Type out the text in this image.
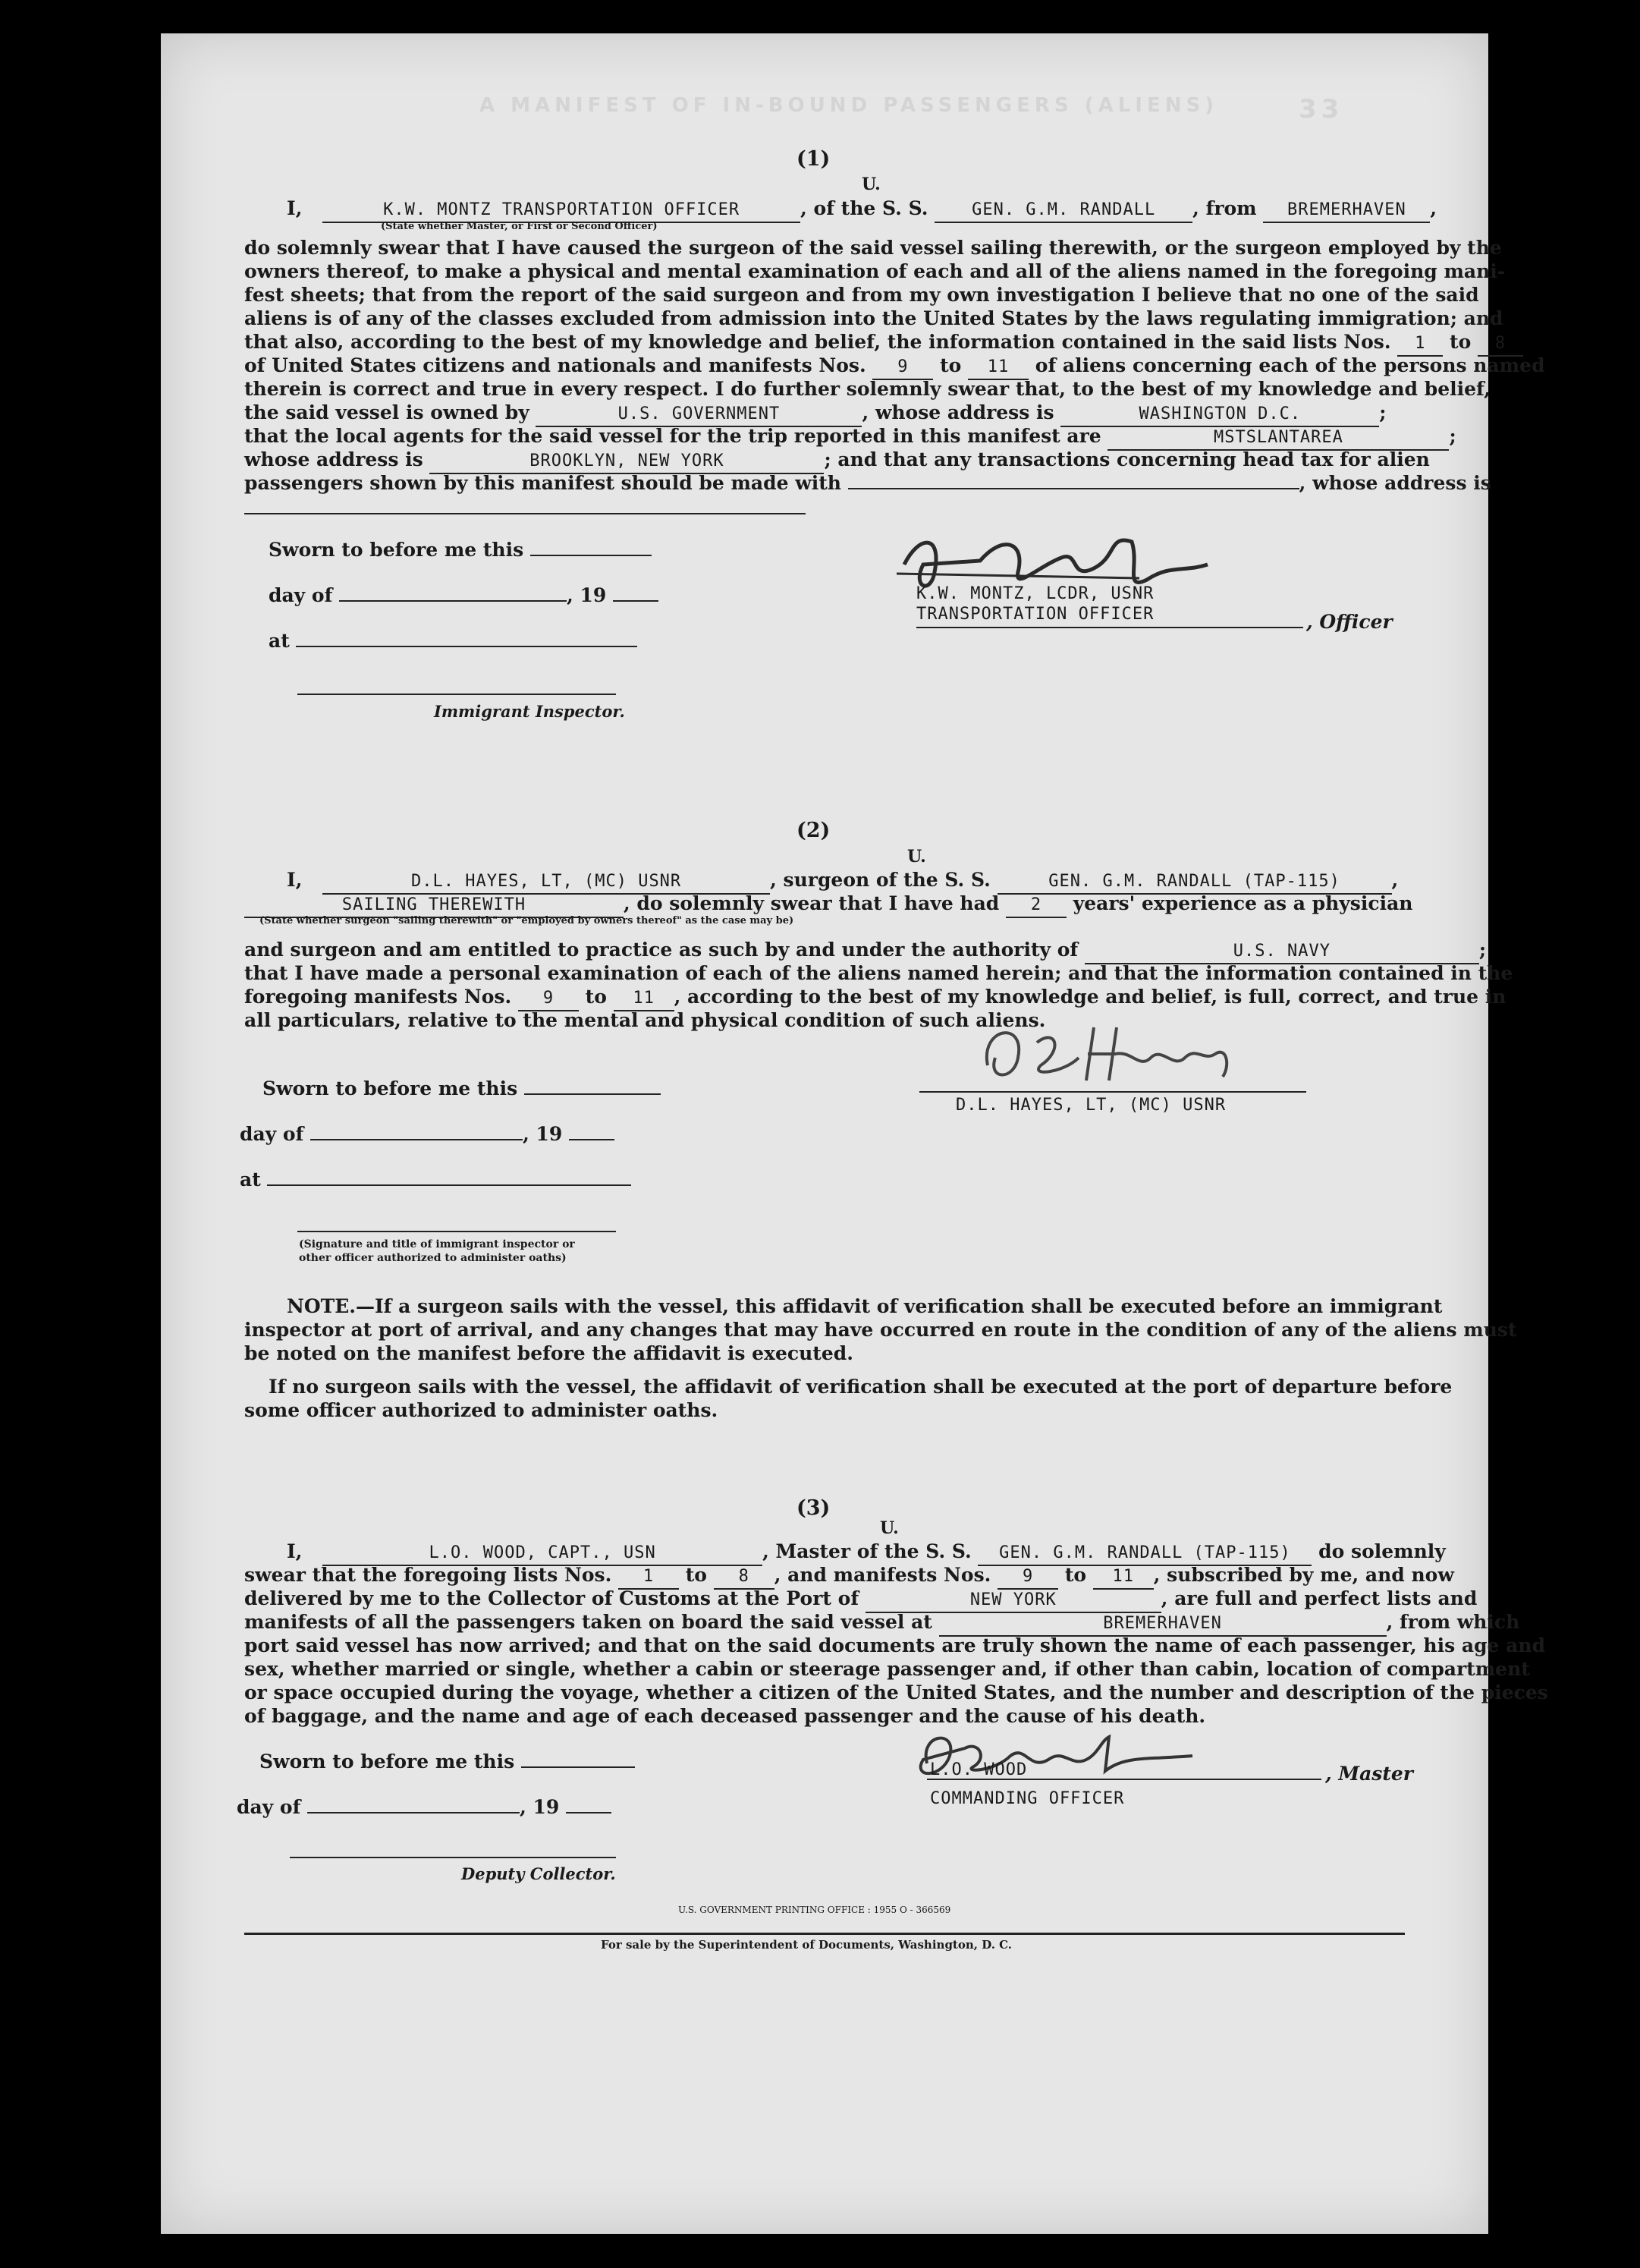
A MANIFEST OF IN-BOUND PASSENGERS (ALIENS)	33
(1)
I,	K.W. MONTZ TRANSPORTATION OFFICER	, of the S. S.	GEN. G.M. RANDALL , from BREMERHAVEN ,
U.
(State whether Master, or First or Second Officer)
do solemnly swear that I have caused the surgeon of the said vessel sailing therewith, or the surgeon employed by the
owners thereof, to make a physical and mental examination of each and all of the aliens named in the foregoing mani-
fest sheets; that from the report of the said surgeon and from my own investigation I believe that no one of the said
aliens is of any of the classes excluded from admission into the United States by the laws regulating immigration; and
that also, according to the best of my knowledge and belief, the information contained in the said lists Nos. 1 to 8
of United States citizens and nationals and manifests Nos. 9 to 11 of aliens concerning each of the persons named
therein is correct and true in every respect. I do further solemnly swear that, to the best of my knowledge and belief,
the said vessel is owned by	U.S. GOVERNMENT	, whose address is	WASHINGTON D.C.	;
that the local agents for the said vessel for the trip reported in this manifest are	MSTSLANTAREA	;
whose address is	BROOKLYN, NEW YORK	; and that any transactions concerning head tax for alien
passengers shown by this manifest should be made with	, whose address is
Sworn to before me this
day of	, 19
at
Immigrant Inspector.
K.W. MONTZ, LCDR, USNR
TRANSPORTATION OFFICER	, Officer
(2)
I,	D.L. HAYES, LT, (MC) USNR	, surgeon of the S. S.	GEN. G.M. RANDALL (TAP-115)	,
U.
SAILING THEREWITH	, do solemnly swear that I have had 2 years' experience as a physician
(State whether surgeon "sailing therewith" or "employed by owners thereof" as the case may be)
and surgeon and am entitled to practice as such by and under the authority of	U.S. NAVY	;
that I have made a personal examination of each of the aliens named herein; and that the information contained in the
foregoing manifests Nos. 9 to 11 , according to the best of my knowledge and belief, is full, correct, and true in
all particulars, relative to the mental and physical condition of such aliens.
Sworn to before me this
day of	, 19
at
(Signature and title of immigrant inspector or
other officer authorized to administer oaths)
D.L. HAYES, LT, (MC) USNR
NOTE.—If a surgeon sails with the vessel, this affidavit of verification shall be executed before an immigrant
inspector at port of arrival, and any changes that may have occurred en route in the condition of any of the aliens must
be noted on the manifest before the affidavit is executed.
If no surgeon sails with the vessel, the affidavit of verification shall be executed at the port of departure before
some officer authorized to administer oaths.
(3)
I,	L.O. WOOD, CAPT., USN	, Master of the S. S. GEN. G.M. RANDALL (TAP-115) do solemnly
U.
swear that the foregoing lists Nos. 1 to 8 , and manifests Nos. 9 to 11 , subscribed by me, and now
delivered by me to the Collector of Customs at the Port of	NEW YORK	, are full and perfect lists and
manifests of all the passengers taken on board the said vessel at	BREMERHAVEN	, from which
port said vessel has now arrived; and that on the said documents are truly shown the name of each passenger, his age and
sex, whether married or single, whether a cabin or steerage passenger and, if other than cabin, location of compartment
or space occupied during the voyage, whether a citizen of the United States, and the number and description of the pieces
of baggage, and the name and age of each deceased passenger and the cause of his death.
Sworn to before me this
day of	, 19
Deputy Collector.
L.O. WOOD	, Master
COMMANDING OFFICER
U.S. GOVERNMENT PRINTING OFFICE : 1955 O - 366569
For sale by the Superintendent of Documents, Washington, D. C.
